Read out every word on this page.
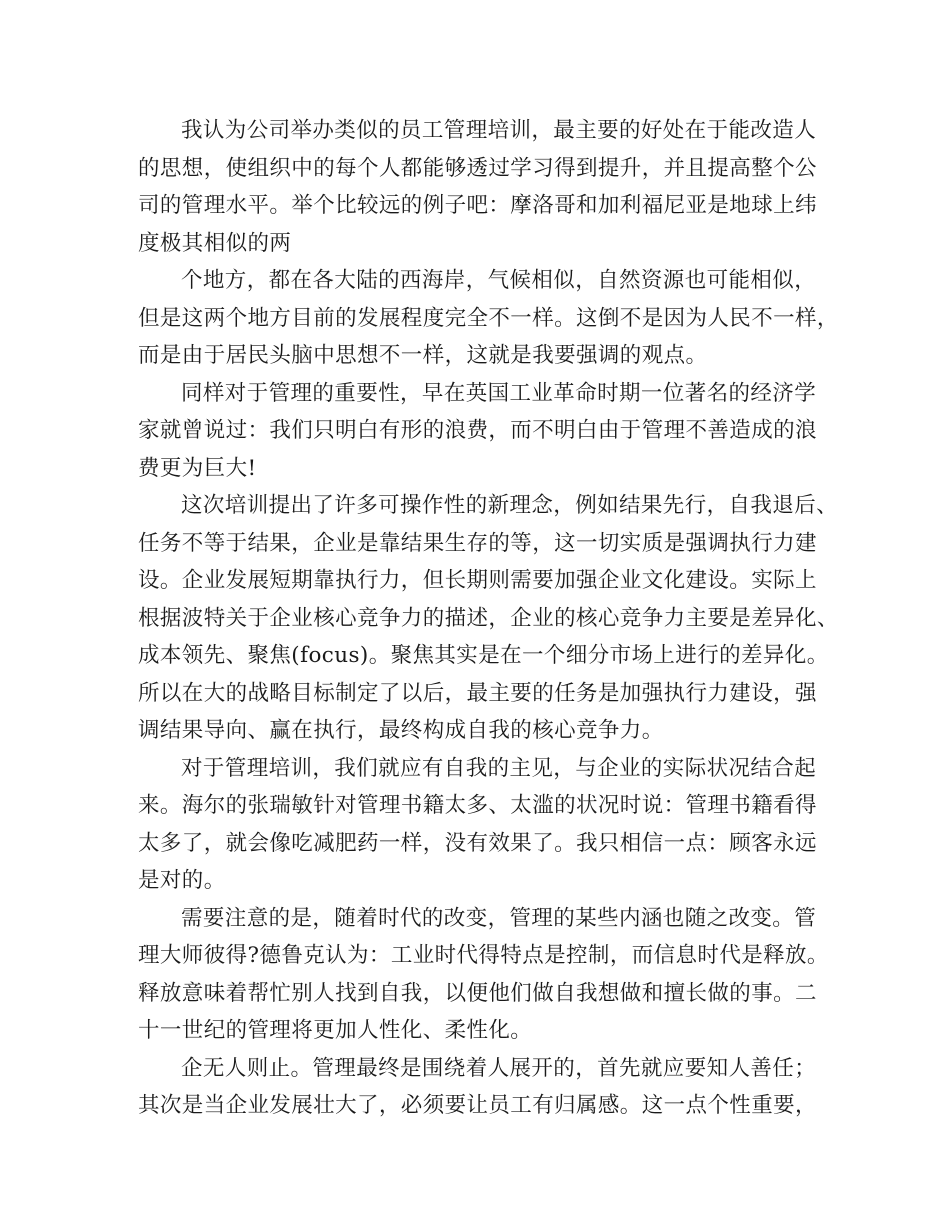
我认为公司举办类似的员工管理培训，最主要的好处在于能改造人
的思想，使组织中的每个人都能够透过学习得到提升，并且提高整个公
司的管理水平。举个比较远的例子吧：摩洛哥和加利福尼亚是地球上纬
度极其相似的两
个地方，都在各大陆的西海岸，气候相似，自然资源也可能相似，
但是这两个地方目前的发展程度完全不一样。这倒不是因为人民不一样，
而是由于居民头脑中思想不一样，这就是我要强调的观点。
同样对于管理的重要性，早在英国工业革命时期一位著名的经济学
家就曾说过：我们只明白有形的浪费，而不明白由于管理不善造成的浪
费更为巨大!
这次培训提出了许多可操作性的新理念，例如结果先行，自我退后、
任务不等于结果，企业是靠结果生存的等，这一切实质是强调执行力建
设。企业发展短期靠执行力，但长期则需要加强企业文化建设。实际上
根据波特关于企业核心竞争力的描述，企业的核心竞争力主要是差异化、
成本领先、聚焦(focus)。聚焦其实是在一个细分市场上进行的差异化。
所以在大的战略目标制定了以后，最主要的任务是加强执行力建设，强
调结果导向、赢在执行，最终构成自我的核心竞争力。
对于管理培训，我们就应有自我的主见，与企业的实际状况结合起
来。海尔的张瑞敏针对管理书籍太多、太滥的状况时说：管理书籍看得
太多了，就会像吃减肥药一样，没有效果了。我只相信一点：顾客永远
是对的。
需要注意的是，随着时代的改变，管理的某些内涵也随之改变。管
理大师彼得?德鲁克认为：工业时代得特点是控制，而信息时代是释放。
释放意味着帮忙别人找到自我，以便他们做自我想做和擅长做的事。二
十一世纪的管理将更加人性化、柔性化。
企无人则止。管理最终是围绕着人展开的，首先就应要知人善任；
其次是当企业发展壮大了，必须要让员工有归属感。这一点个性重要，
